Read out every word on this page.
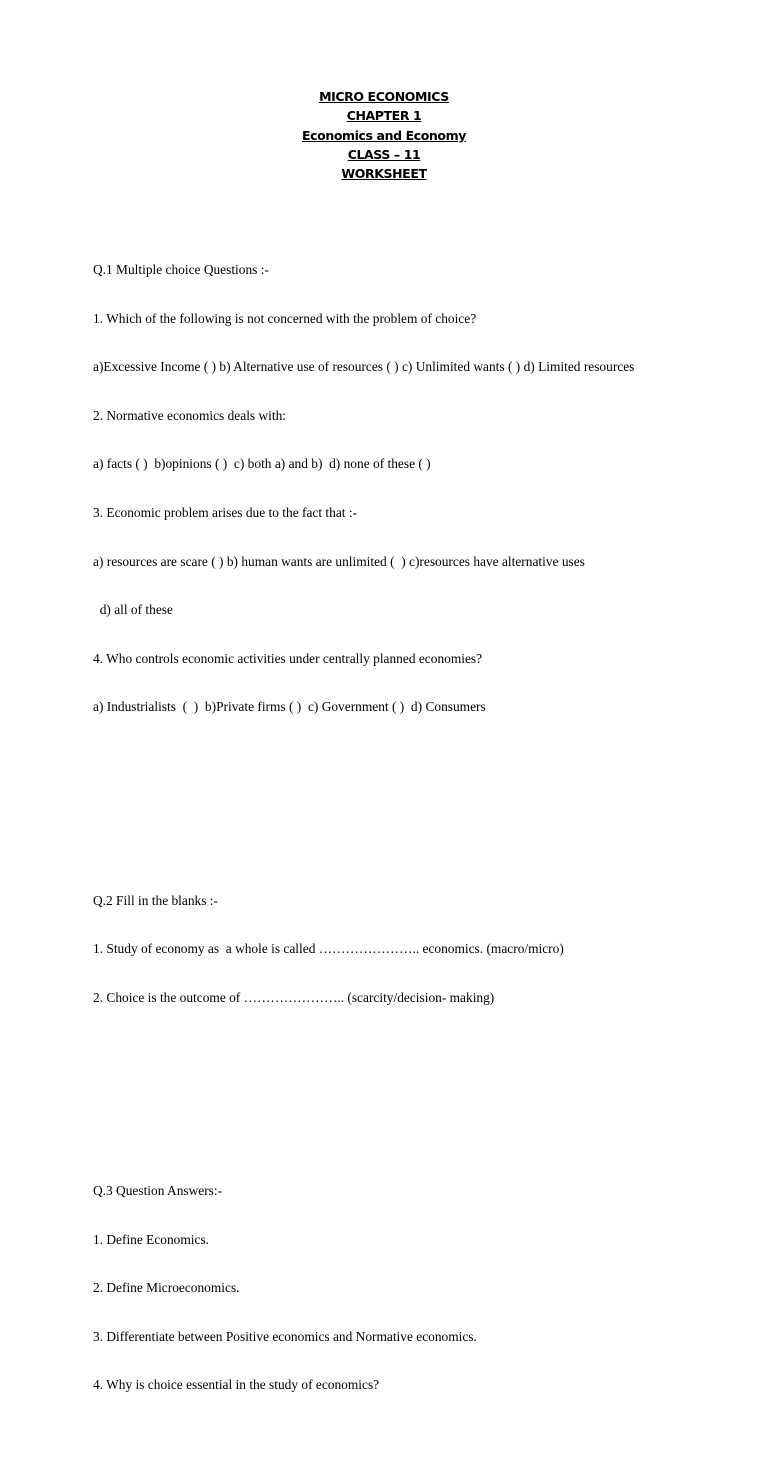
MICRO ECONOMICS
CHAPTER 1
Economics and Economy
CLASS – 11
WORKSHEET

Q.1 Multiple choice Questions :-

1. Which of the following is not concerned with the problem of choice?

a)Excessive Income ( ) b) Alternative use of resources ( ) c) Unlimited wants ( ) d) Limited resources

2. Normative economics deals with:

a) facts ( )  b)opinions ( )  c) both a) and b)  d) none of these ( )

3. Economic problem arises due to the fact that :-

a) resources are scare ( ) b) human wants are unlimited (  ) c)resources have alternative uses

d) all of these

4. Who controls economic activities under centrally planned economies?

a) Industrialists  (  )  b)Private firms ( )  c) Government ( )  d) Consumers

Q.2 Fill in the blanks :-

1. Study of economy as  a whole is called ………………….. economics. (macro/micro)

2. Choice is the outcome of ………………….. (scarcity/decision- making)

Q.3 Question Answers:-

1. Define Economics.

2. Define Microeconomics.

3. Differentiate between Positive economics and Normative economics.

4. Why is choice essential in the study of economics?
